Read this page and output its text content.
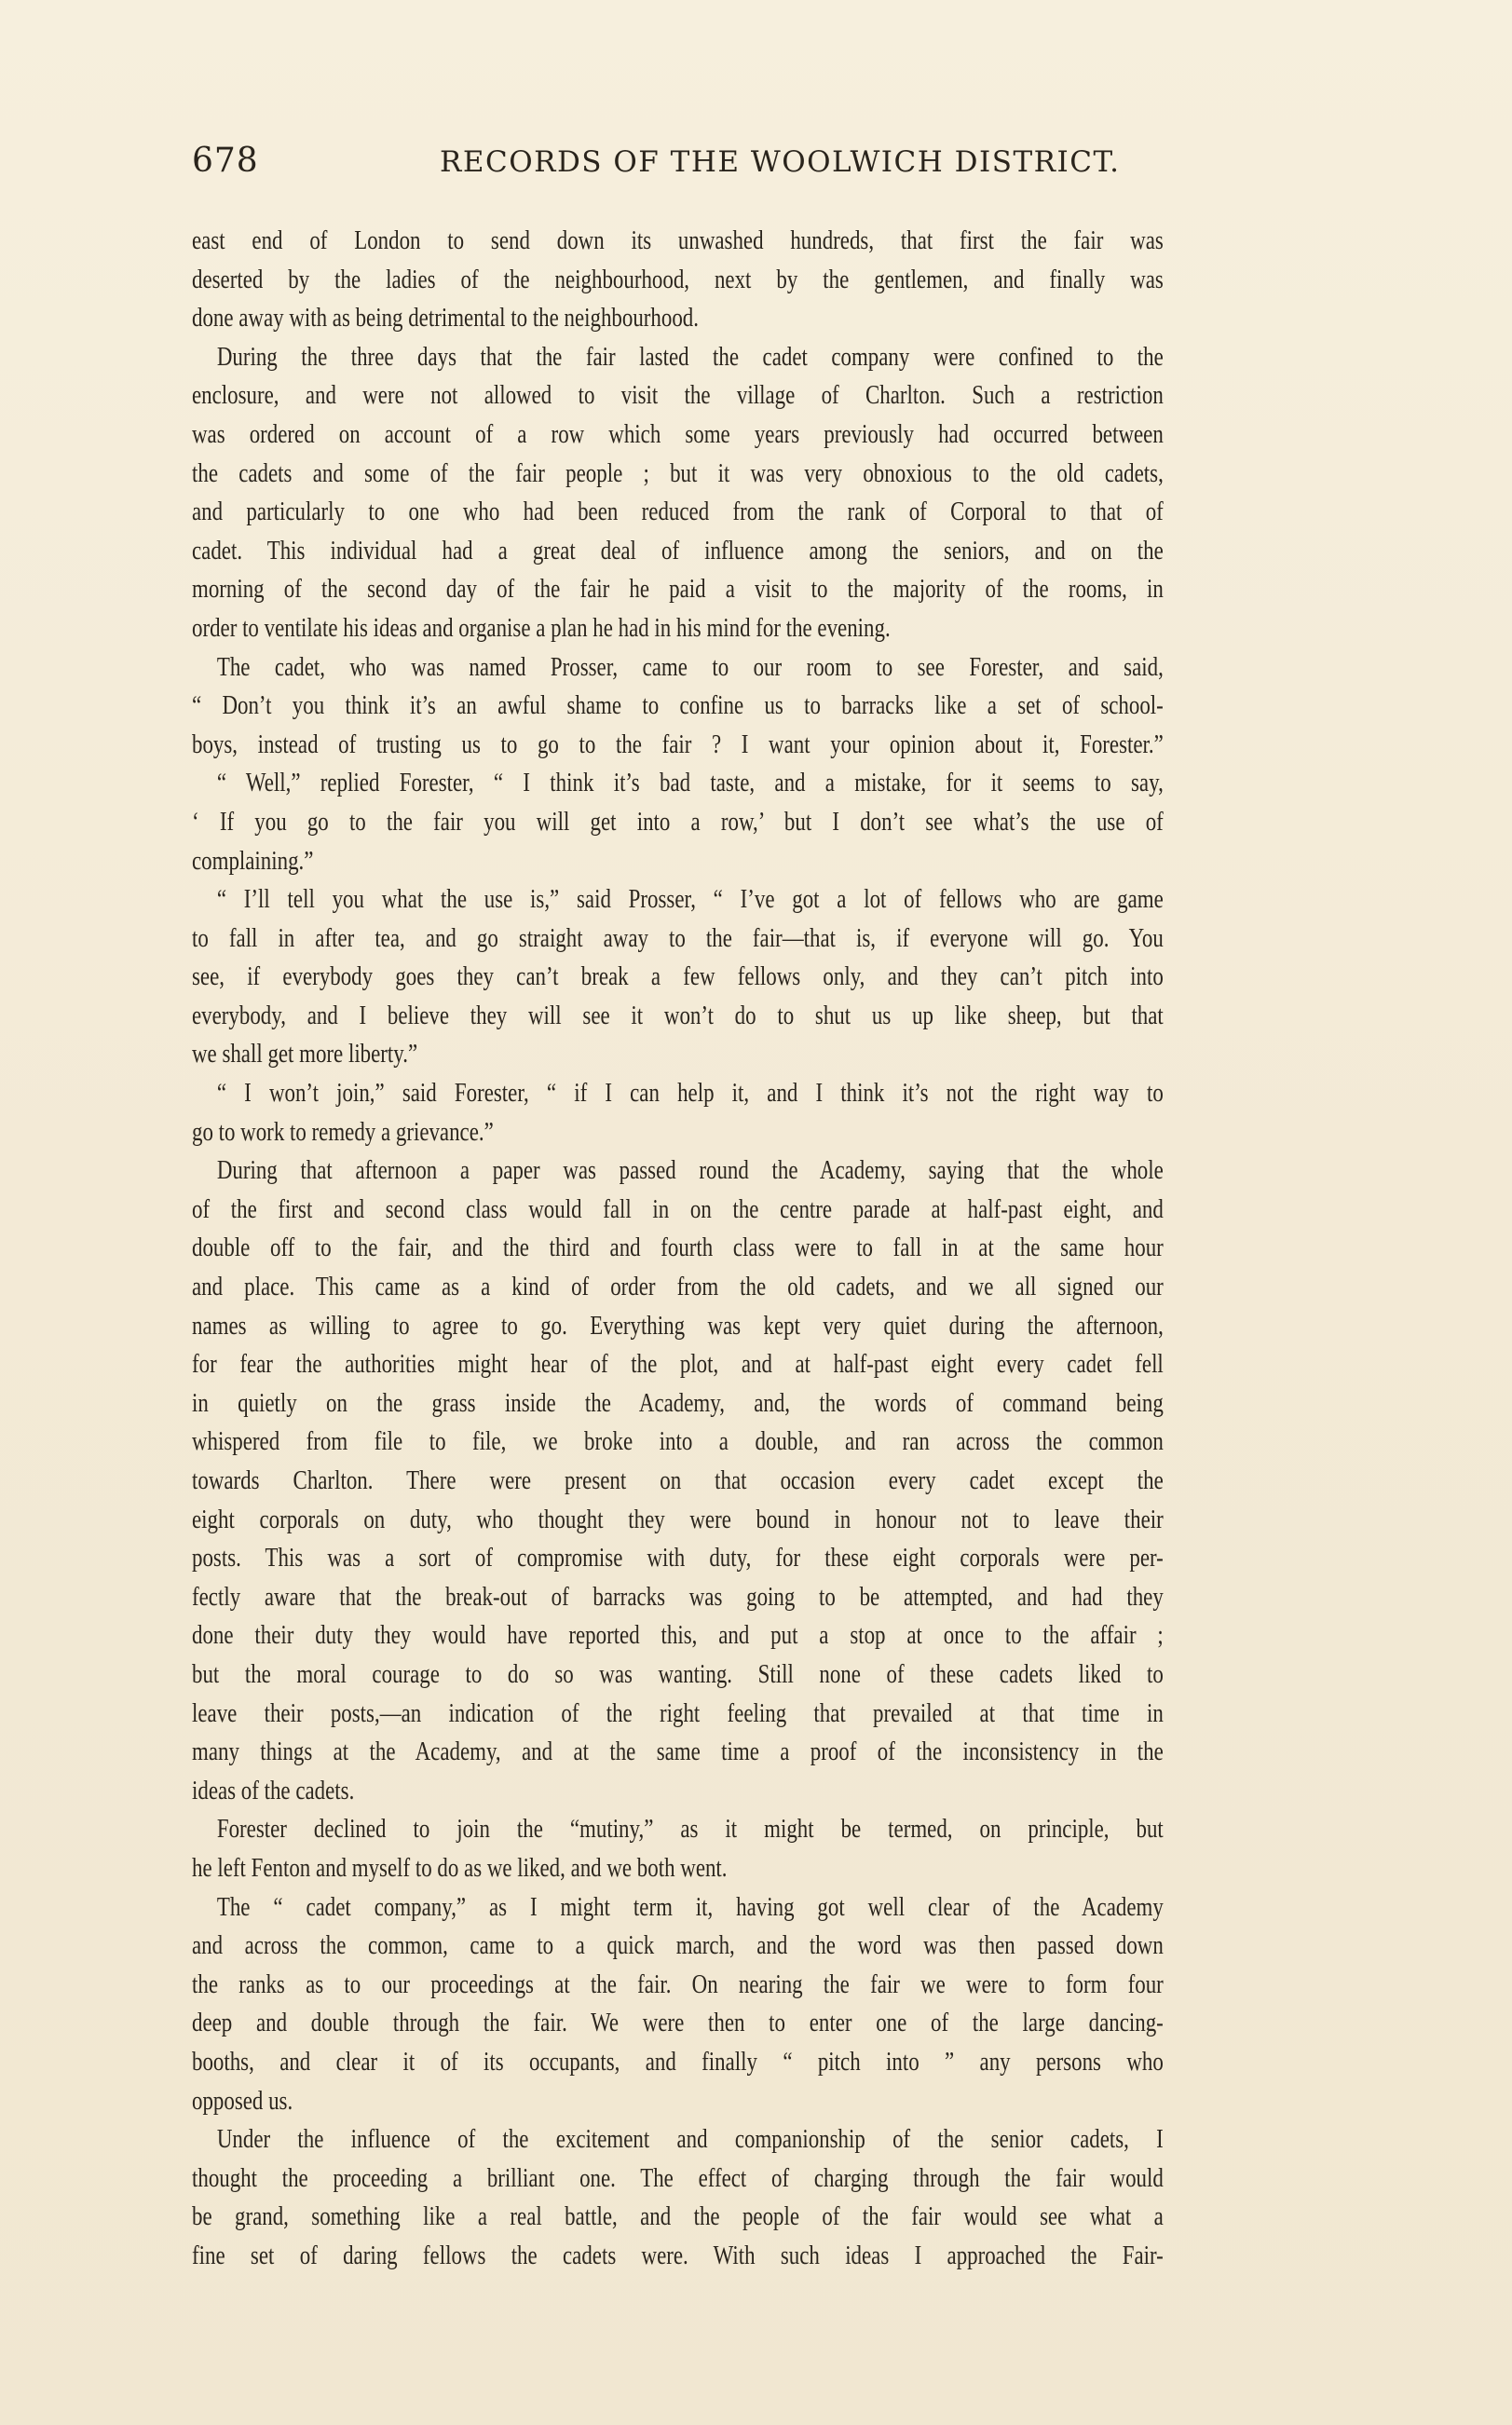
678	RECORDS OF THE WOOLWICH DISTRICT.
east end of London to send down its unwashed hundreds, that first the fair was
deserted by the ladies of the neighbourhood, next by the gentlemen, and finally was
done away with as being detrimental to the neighbourhood.
During the three days that the fair lasted the cadet company were confined to the
enclosure, and were not allowed to visit the village of Charlton. Such a restriction
was ordered on account of a row which some years previously had occurred between
the cadets and some of the fair people ; but it was very obnoxious to the old cadets,
and particularly to one who had been reduced from the rank of Corporal to that of
cadet. This individual had a great deal of influence among the seniors, and on the
morning of the second day of the fair he paid a visit to the majority of the rooms, in
order to ventilate his ideas and organise a plan he had in his mind for the evening.
The cadet, who was named Prosser, came to our room to see Forester, and said,
“ Don’t you think it’s an awful shame to confine us to barracks like a set of school-
boys, instead of trusting us to go to the fair ? I want your opinion about it, Forester.”
“ Well,” replied Forester, “ I think it’s bad taste, and a mistake, for it seems to say,
‘ If you go to the fair you will get into a row,’ but I don’t see what’s the use of
complaining.”
“ I’ll tell you what the use is,” said Prosser, “ I’ve got a lot of fellows who are game
to fall in after tea, and go straight away to the fair—that is, if everyone will go. You
see, if everybody goes they can’t break a few fellows only, and they can’t pitch into
everybody, and I believe they will see it won’t do to shut us up like sheep, but that
we shall get more liberty.”
“ I won’t join,” said Forester, “ if I can help it, and I think it’s not the right way to
go to work to remedy a grievance.”
During that afternoon a paper was passed round the Academy, saying that the whole
of the first and second class would fall in on the centre parade at half-past eight, and
double off to the fair, and the third and fourth class were to fall in at the same hour
and place. This came as a kind of order from the old cadets, and we all signed our
names as willing to agree to go. Everything was kept very quiet during the afternoon,
for fear the authorities might hear of the plot, and at half-past eight every cadet fell
in quietly on the grass inside the Academy, and, the words of command being
whispered from file to file, we broke into a double, and ran across the common
towards Charlton. There were present on that occasion every cadet except the
eight corporals on duty, who thought they were bound in honour not to leave their
posts. This was a sort of compromise with duty, for these eight corporals were per-
fectly aware that the break-out of barracks was going to be attempted, and had they
done their duty they would have reported this, and put a stop at once to the affair ;
but the moral courage to do so was wanting. Still none of these cadets liked to
leave their posts,—an indication of the right feeling that prevailed at that time in
many things at the Academy, and at the same time a proof of the inconsistency in the
ideas of the cadets.
Forester declined to join the “mutiny,” as it might be termed, on principle, but
he left Fenton and myself to do as we liked, and we both went.
The “ cadet company,” as I might term it, having got well clear of the Academy
and across the common, came to a quick march, and the word was then passed down
the ranks as to our proceedings at the fair. On nearing the fair we were to form four
deep and double through the fair. We were then to enter one of the large dancing-
booths, and clear it of its occupants, and finally “ pitch into ” any persons who
opposed us.
Under the influence of the excitement and companionship of the senior cadets, I
thought the proceeding a brilliant one. The effect of charging through the fair would
be grand, something like a real battle, and the people of the fair would see what a
fine set of daring fellows the cadets were. With such ideas I approached the Fair-
